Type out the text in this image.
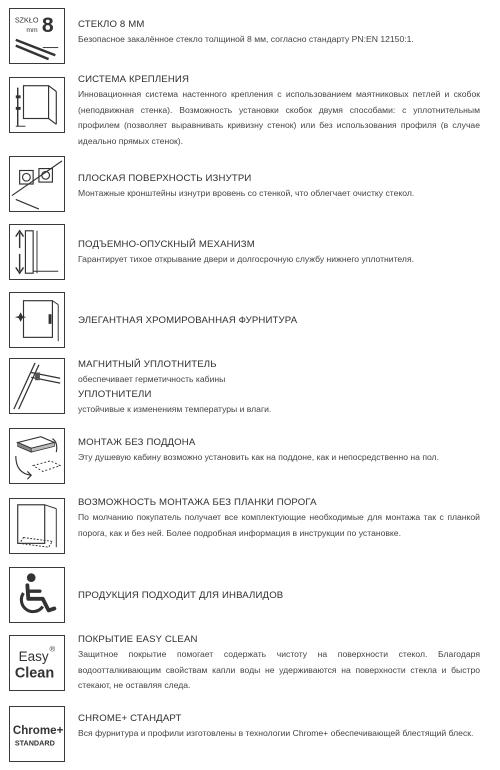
SZKŁO
mm 8	СТЕКЛО 8 ММ
Безопасное закалённое стекло толщиной 8 мм, согласно стандарту PN:EN 12150:1.
СИСТЕМА КРЕПЛЕНИЯ
Инновационная система настенного крепления с использованием маятниковых петлей и скобок (неподвижная стенка). Возможность установки скобок двумя способами: с уплотнительным профилем (позволяет выравнивать кривизну стенок) или без использования профиля (в случае идеально прямых стенок).
ПЛОСКАЯ ПОВЕРХНОСТЬ ИЗНУТРИ
Монтажные кронштейны изнутри вровень со стенкой, что облегчает очистку стекол.
ПОДЪЕМНО-ОПУСКНЫЙ МЕХАНИЗМ
Гарантирует тихое открывание двери и долгосрочную службу нижнего уплотнителя.
ЭЛЕГАНТНАЯ ХРОМИРОВАННАЯ ФУРНИТУРА
МАГНИТНЫЙ УПЛОТНИТЕЛЬ
обеспечивает герметичность кабины
УПЛОТНИТЕЛИ
устойчивые к изменениям температуры и влаги.
МОНТАЖ БЕЗ ПОДДОНА
Эту душевую кабину возможно установить как на поддоне, как и непосредственно на пол.
ВОЗМОЖНОСТЬ МОНТАЖА БЕЗ ПЛАНКИ ПОРОГА
По молчанию покупатель получает все комплектующие необходимые для монтажа так с планкой порога, как и без ней. Более подробная информация в инструкции по установке.
ПРОДУКЦИЯ ПОДХОДИТ ДЛЯ ИНВАЛИДОВ
Easy
®
Clean
ПОКРЫТИЕ EASY CLEAN
Защитное покрытие помогает содержать чистоту на поверхности стекол. Благодаря водоотталкивающим свойствам капли воды не удерживаются на поверхности стекла и быстро стекают, не оставляя следа.
Chrome+
STANDARD
CHROME+ СТАНДАРТ
Вся фурнитура и профили изготовлены в технологии Chrome+ обеспечивающей блестящий блеск.
